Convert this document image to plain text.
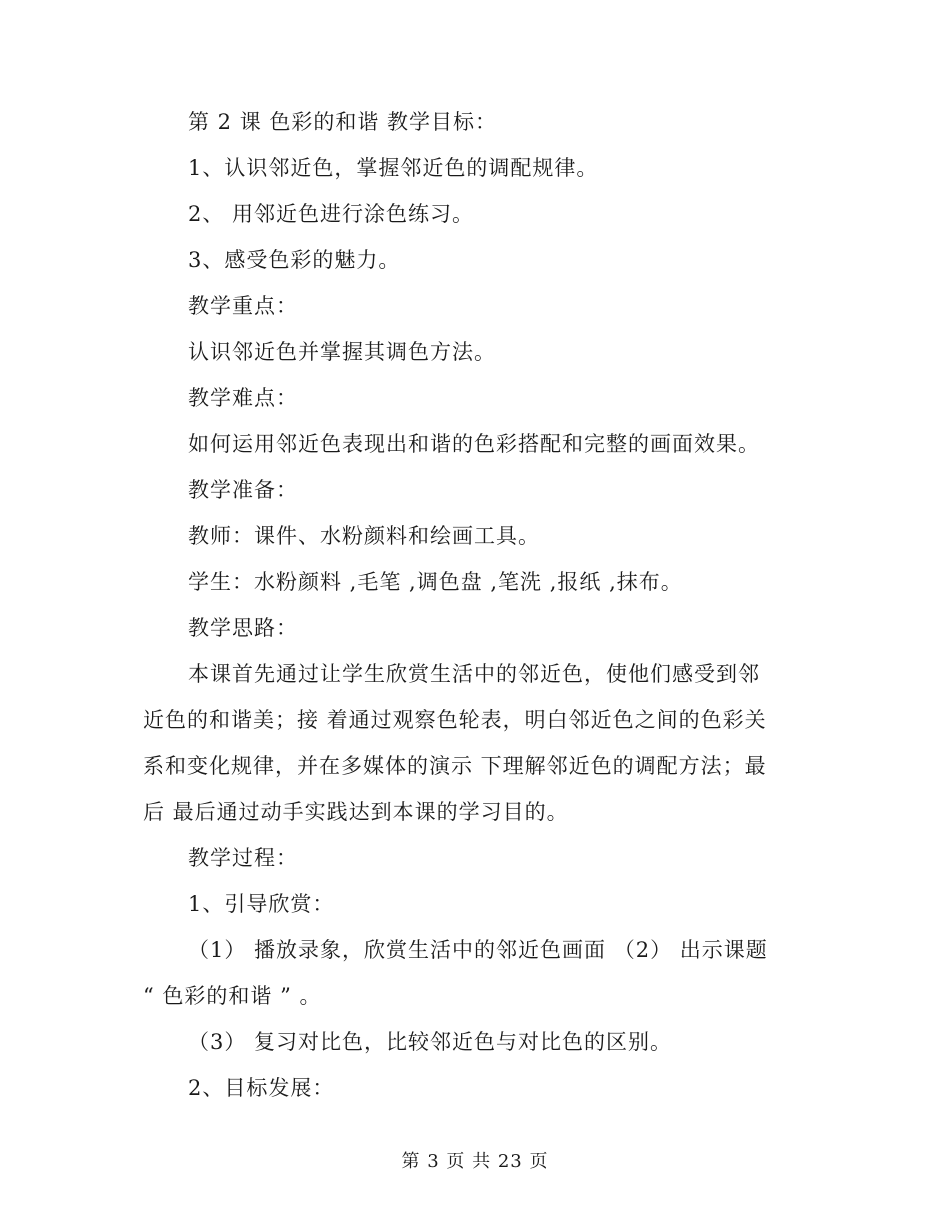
第 2 课 色彩的和谐 教学目标：
1、认识邻近色，掌握邻近色的调配规律。
2、 用邻近色进行涂色练习。
3、感受色彩的魅力。
教学重点：
认识邻近色并掌握其调色方法。
教学难点：
如何运用邻近色表现出和谐的色彩搭配和完整的画面效果。
教学准备：
教师：课件、水粉颜料和绘画工具。
学生：水粉颜料 ,毛笔 ,调色盘 ,笔洗 ,报纸 ,抹布。
教学思路：
本课首先通过让学生欣赏生活中的邻近色，使他们感受到邻
近色的和谐美；接 着通过观察色轮表，明白邻近色之间的色彩关
系和变化规律，并在多媒体的演示 下理解邻近色的调配方法；最
后 最后通过动手实践达到本课的学习目的。
教学过程：
1、引导欣赏：
（1） 播放录象，欣赏生活中的邻近色画面 （2） 出示课题
“ 色彩的和谐 ” 。
（3） 复习对比色，比较邻近色与对比色的区别。
2、目标发展：
第 3 页 共 23 页
